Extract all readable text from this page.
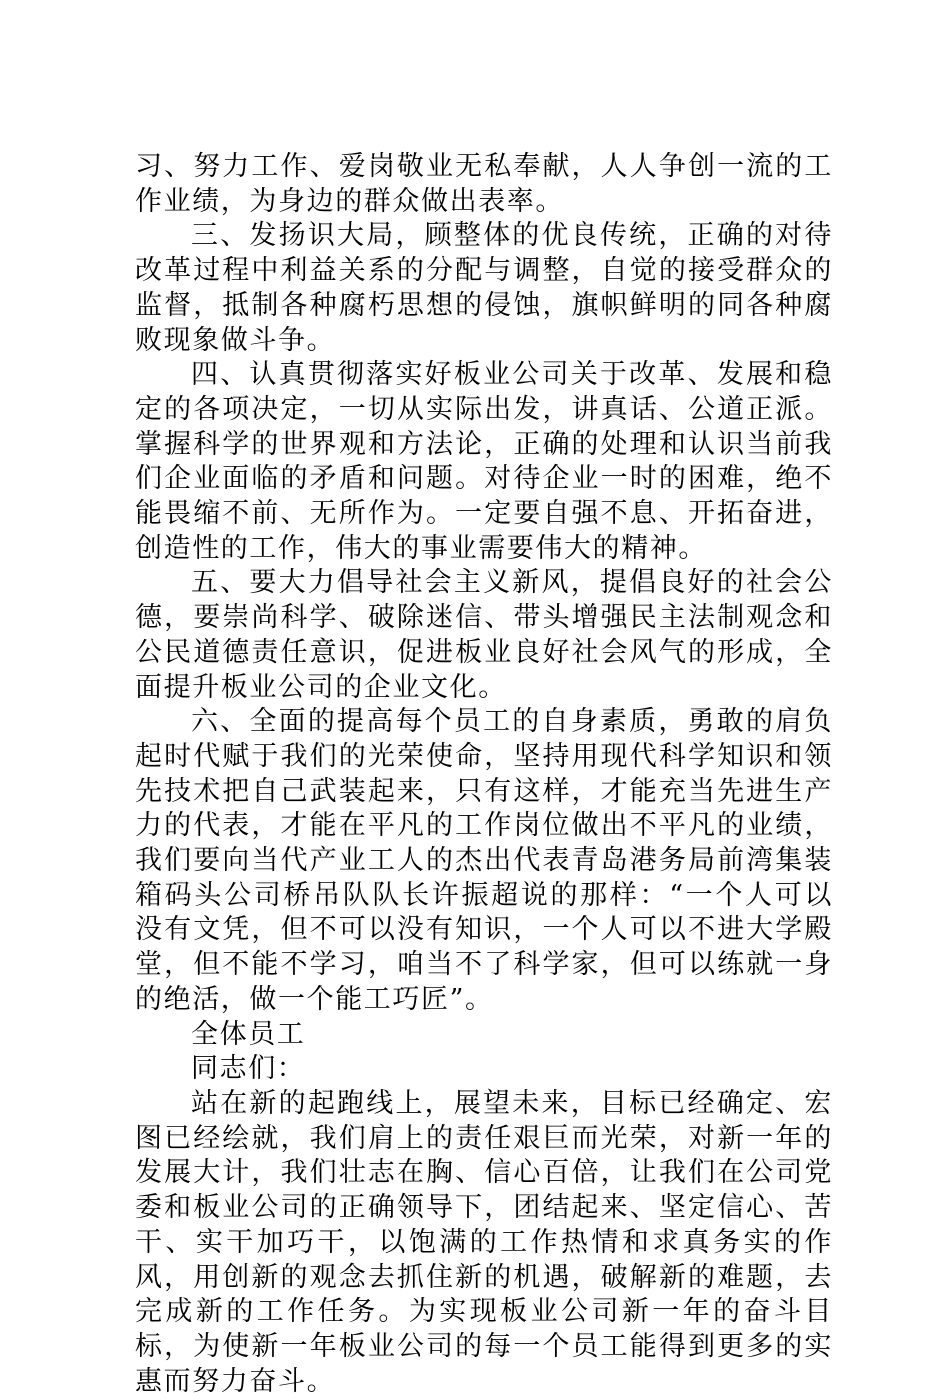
习、努力工作、爱岗敬业无私奉献，人人争创一流的工作业绩，为身边的群众做出表率。

三、发扬识大局，顾整体的优良传统，正确的对待改革过程中利益关系的分配与调整，自觉的接受群众的监督，抵制各种腐朽思想的侵蚀，旗帜鲜明的同各种腐败现象做斗争。

四、认真贯彻落实好板业公司关于改革、发展和稳定的各项决定，一切从实际出发，讲真话、公道正派。掌握科学的世界观和方法论，正确的处理和认识当前我们企业面临的矛盾和问题。对待企业一时的困难，绝不能畏缩不前、无所作为。一定要自强不息、开拓奋进，创造性的工作，伟大的事业需要伟大的精神。

五、要大力倡导社会主义新风，提倡良好的社会公德，要崇尚科学、破除迷信、带头增强民主法制观念和公民道德责任意识，促进板业良好社会风气的形成，全面提升板业公司的企业文化。

六、全面的提高每个员工的自身素质，勇敢的肩负起时代赋于我们的光荣使命，坚持用现代科学知识和领先技术把自己武装起来，只有这样，才能充当先进生产力的代表，才能在平凡的工作岗位做出不平凡的业绩，我们要向当代产业工人的杰出代表青岛港务局前湾集装箱码头公司桥吊队队长许振超说的那样：“一个人可以没有文凭，但不可以没有知识，一个人可以不进大学殿堂，但不能不学习，咱当不了科学家，但可以练就一身的绝活，做一个能工巧匠”。

全体员工

同志们：

站在新的起跑线上，展望未来，目标已经确定、宏图已经绘就，我们肩上的责任艰巨而光荣，对新一年的发展大计，我们壮志在胸、信心百倍，让我们在公司党委和板业公司的正确领导下，团结起来、坚定信心、苦干、实干加巧干，以饱满的工作热情和求真务实的作风，用创新的观念去抓住新的机遇，破解新的难题，去完成新的工作任务。为实现板业公司新一年的奋斗目标，为使新一年板业公司的每一个员工能得到更多的实惠而努力奋斗。
